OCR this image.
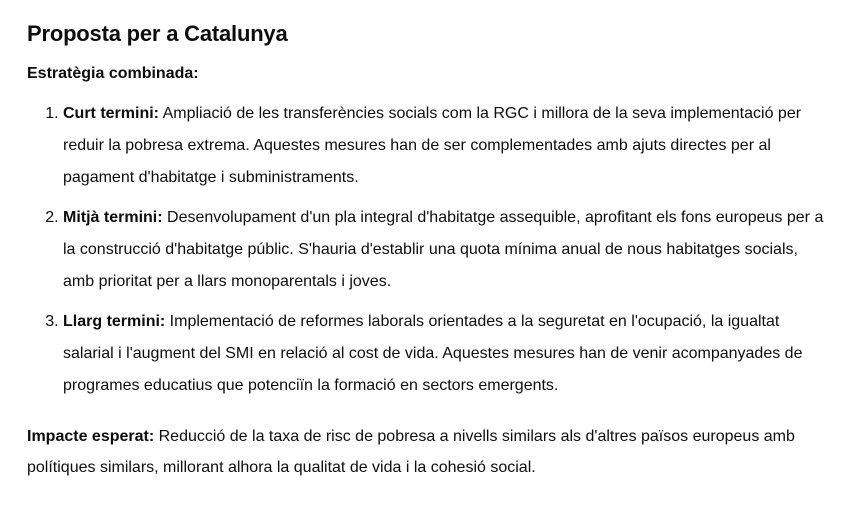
Proposta per a Catalunya

Estratègia combinada:

1. Curt termini: Ampliació de les transferències socials com la RGC i millora de la seva implementació per reduir la pobresa extrema. Aquestes mesures han de ser complementades amb ajuts directes per al pagament d'habitatge i subministraments.
2. Mitjà termini: Desenvolupament d'un pla integral d'habitatge assequible, aprofitant els fons europeus per a la construcció d'habitatge públic. S'hauria d'establir una quota mínima anual de nous habitatges socials, amb prioritat per a llars monoparentals i joves.
3. Llarg termini: Implementació de reformes laborals orientades a la seguretat en l'ocupació, la igualtat salarial i l'augment del SMI en relació al cost de vida. Aquestes mesures han de venir acompanyades de programes educatius que potenciïn la formació en sectors emergents.

Impacte esperat: Reducció de la taxa de risc de pobresa a nivells similars als d'altres països europeus amb polítiques similars, millorant alhora la qualitat de vida i la cohesió social.
